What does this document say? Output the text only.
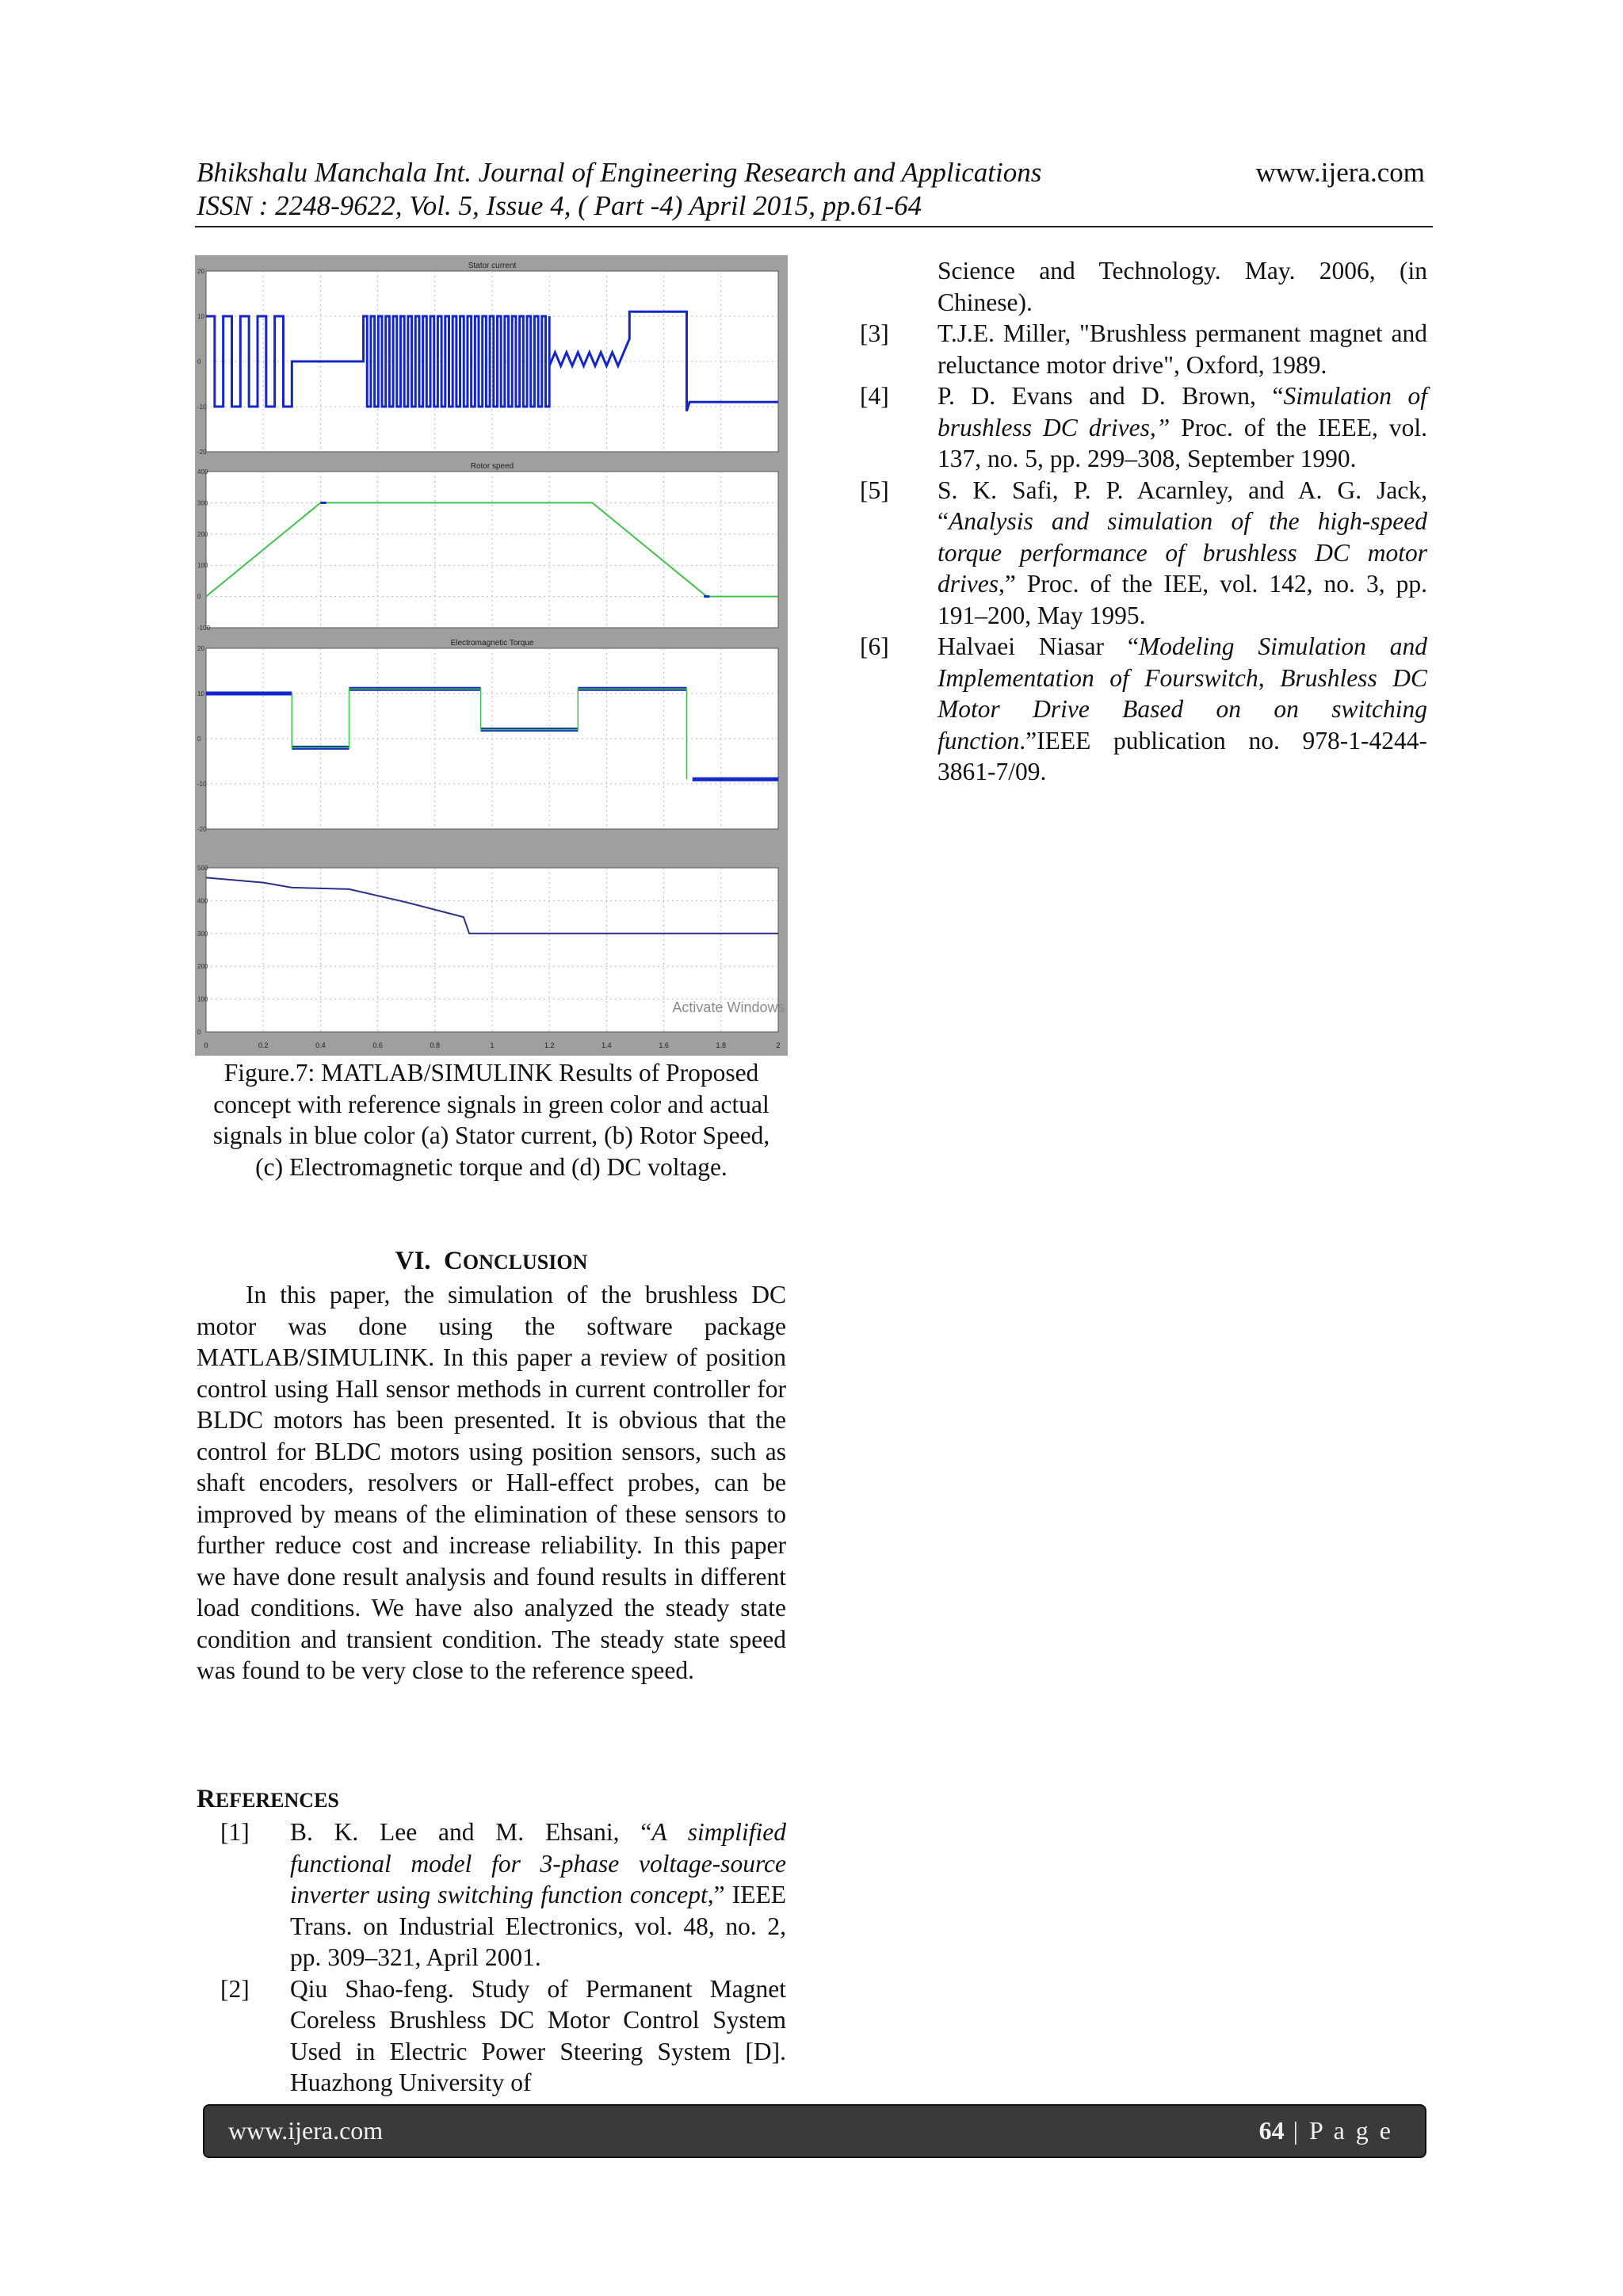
Bhikshalu Manchala Int. Journal of Engineering Research and Applications	www.ijera.com
ISSN : 2248-9622, Vol. 5, Issue 4, ( Part -4) April 2015, pp.61-64
20
10
0
-10
-20
Stator current
400
300
200
100
0
-100
Rotor speed
20
10
0
-10
-20
Electromagnetic Torque
500
400
300
200
100
0
0	0.2	0.4	0.6	0.8	1	1.2	1.4	1.6	1.8	2
Activate Windows
Figure.7: MATLAB/SIMULINK Results of Proposed concept with reference signals in green color and actual signals in blue color (a) Stator current, (b) Rotor Speed, (c) Electromagnetic torque and (d) DC voltage.
VI. CONCLUSION
In this paper, the simulation of the brushless DC motor was done using the software package MATLAB/SIMULINK. In this paper a review of position control using Hall sensor methods in current controller for BLDC motors has been presented. It is obvious that the control for BLDC motors using position sensors, such as shaft encoders, resolvers or Hall-effect probes, can be improved by means of the elimination of these sensors to further reduce cost and increase reliability. In this paper we have done result analysis and found results in different load conditions. We have also analyzed the steady state condition and transient condition. The steady state speed was found to be very close to the reference speed.
REFERENCES
[1] B. K. Lee and M. Ehsani, “A simplified functional model for 3-phase voltage-source inverter using switching function concept,” IEEE Trans. on Industrial Electronics, vol. 48, no. 2, pp. 309–321, April 2001.
[2] Qiu Shao-feng. Study of Permanent Magnet Coreless Brushless DC Motor Control System Used in Electric Power Steering System [D]. Huazhong University of
Science and Technology. May. 2006, (in Chinese).
[3] T.J.E. Miller, "Brushless permanent magnet and reluctance motor drive", Oxford, 1989.
[4] P. D. Evans and D. Brown, “Simulation of brushless DC drives,” Proc. of the IEEE, vol. 137, no. 5, pp. 299–308, September 1990.
[5] S. K. Safi, P. P. Acarnley, and A. G. Jack, “Analysis and simulation of the high-speed torque performance of brushless DC motor drives,” Proc. of the IEE, vol. 142, no. 3, pp. 191–200, May 1995.
[6] Halvaei Niasar “Modeling Simulation and Implementation of Fourswitch, Brushless DC Motor Drive Based on on switching function.”IEEE publication no. 978-1-4244-3861-7/09.
www.ijera.com	64 | P a g e
